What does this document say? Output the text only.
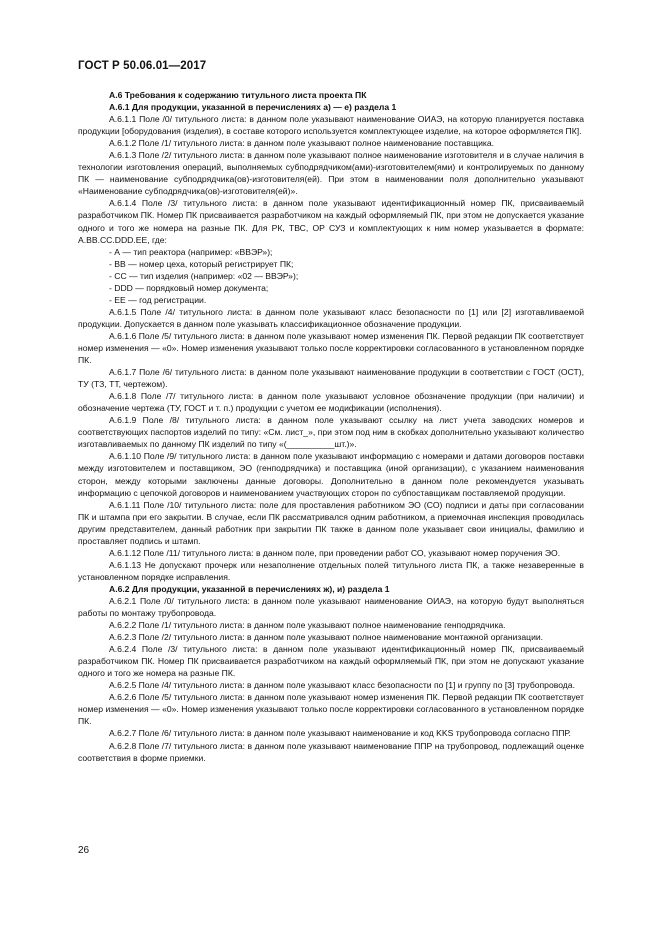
ГОСТ Р 50.06.01—2017

А.6 Требования к содержанию титульного листа проекта ПК

А.6.1 Для продукции, указанной в перечислениях а) — е) раздела 1

А.6.1.1 Поле /0/ титульного листа: в данном поле указывают наименование ОИАЭ, на которую планируется поставка продукции [оборудования (изделия), в составе которого используется комплектующее изделие, на которое оформляется ПК].

А.6.1.2 Поле /1/ титульного листа: в данном поле указывают полное наименование поставщика.

А.6.1.3 Поле /2/ титульного листа: в данном поле указывают полное наименование изготовителя и в случае наличия в технологии изготовления операций, выполняемых субподрядчиком(ами)-изготовителем(ями) и контролируемых по данному ПК — наименование субподрядчика(ов)-изготовителя(ей). При этом в наименовании поля дополнительно указывают «Наименование субподрядчика(ов)-изготовителя(ей)».

А.6.1.4 Поле /3/ титульного листа: в данном поле указывают идентификационный номер ПК, присваиваемый разработчиком ПК. Номер ПК присваивается разработчиком на каждый оформляемый ПК, при этом не допускается указание одного и того же номера на разные ПК. Для РК, ТВС, ОР СУЗ и комплектующих к ним номер указывается в формате: A.BB.CC.DDD.EE, где:

- А — тип реактора (например: «ВВЭР»);
- ВВ — номер цеха, который регистрирует ПК;
- СС — тип изделия (например: «02 — ВВЭР»);
- DDD — порядковый номер документа;
- ЕЕ — год регистрации.

А.6.1.5 Поле /4/ титульного листа: в данном поле указывают класс безопасности по [1] или [2] изготавливаемой продукции. Допускается в данном поле указывать классификационное обозначение продукции.

А.6.1.6 Поле /5/ титульного листа: в данном поле указывают номер изменения ПК. Первой редакции ПК соответствует номер изменения — «0». Номер изменения указывают только после корректировки согласованного в установленном порядке ПК.

А.6.1.7 Поле /6/ титульного листа: в данном поле указывают наименование продукции в соответствии с ГОСТ (ОСТ), ТУ (ТЗ, ТТ, чертежом).

А.6.1.8 Поле /7/ титульного листа: в данном поле указывают условное обозначение продукции (при наличии) и обозначение чертежа (ТУ, ГОСТ и т. п.) продукции с учетом ее модификации (исполнения).

А.6.1.9 Поле /8/ титульного листа: в данном поле указывают ссылку на лист учета заводских номеров и соответствующих паспортов изделий по типу: «См. лист_», при этом под ним в скобках дополнительно указывают количество изготавливаемых по данному ПК изделий по типу «(__________шт.)».

А.6.1.10 Поле /9/ титульного листа: в данном поле указывают информацию с номерами и датами договоров поставки между изготовителем и поставщиком, ЭО (генподрядчика) и поставщика (иной организации), с указанием наименования сторон, между которыми заключены данные договоры. Дополнительно в данном поле рекомендуется указывать информацию с цепочкой договоров и наименованием участвующих сторон по субпоставщикам поставляемой продукции.

А.6.1.11 Поле /10/ титульного листа: поле для проставления работником ЭО (СО) подписи и даты при согласовании ПК и штампа при его закрытии. В случае, если ПК рассматривался одним работником, а приемочная инспекция проводилась другим представителем, данный работник при закрытии ПК также в данном поле указывает свои инициалы, фамилию и проставляет подпись и штамп.

А.6.1.12 Поле /11/ титульного листа: в данном поле, при проведении работ СО, указывают номер поручения ЭО.

А.6.1.13 Не допускают прочерк или незаполнение отдельных полей титульного листа ПК, а также незаверенные в установленном порядке исправления.

А.6.2 Для продукции, указанной в перечислениях ж), и) раздела 1

А.6.2.1 Поле /0/ титульного листа: в данном поле указывают наименование ОИАЭ, на которую будут выполняться работы по монтажу трубопровода.

А.6.2.2 Поле /1/ титульного листа: в данном поле указывают полное наименование генподрядчика.

А.6.2.3 Поле /2/ титульного листа: в данном поле указывают полное наименование монтажной организации.

А.6.2.4 Поле /3/ титульного листа: в данном поле указывают идентификационный номер ПК, присваиваемый разработчиком ПК. Номер ПК присваивается разработчиком на каждый оформляемый ПК, при этом не допускают указание одного и того же номера на разные ПК.

А.6.2.5 Поле /4/ титульного листа: в данном поле указывают класс безопасности по [1] и группу по [3] трубопровода.

А.6.2.6 Поле /5/ титульного листа: в данном поле указывают номер изменения ПК. Первой редакции ПК соответствует номер изменения — «0». Номер изменения указывают только после корректировки согласованного в установленном порядке ПК.

А.6.2.7 Поле /6/ титульного листа: в данном поле указывают наименование и код KKS трубопровода согласно ППР.

А.6.2.8 Поле /7/ титульного листа: в данном поле указывают наименование ППР на трубопровод, подлежащий оценке соответствия в форме приемки.

26
